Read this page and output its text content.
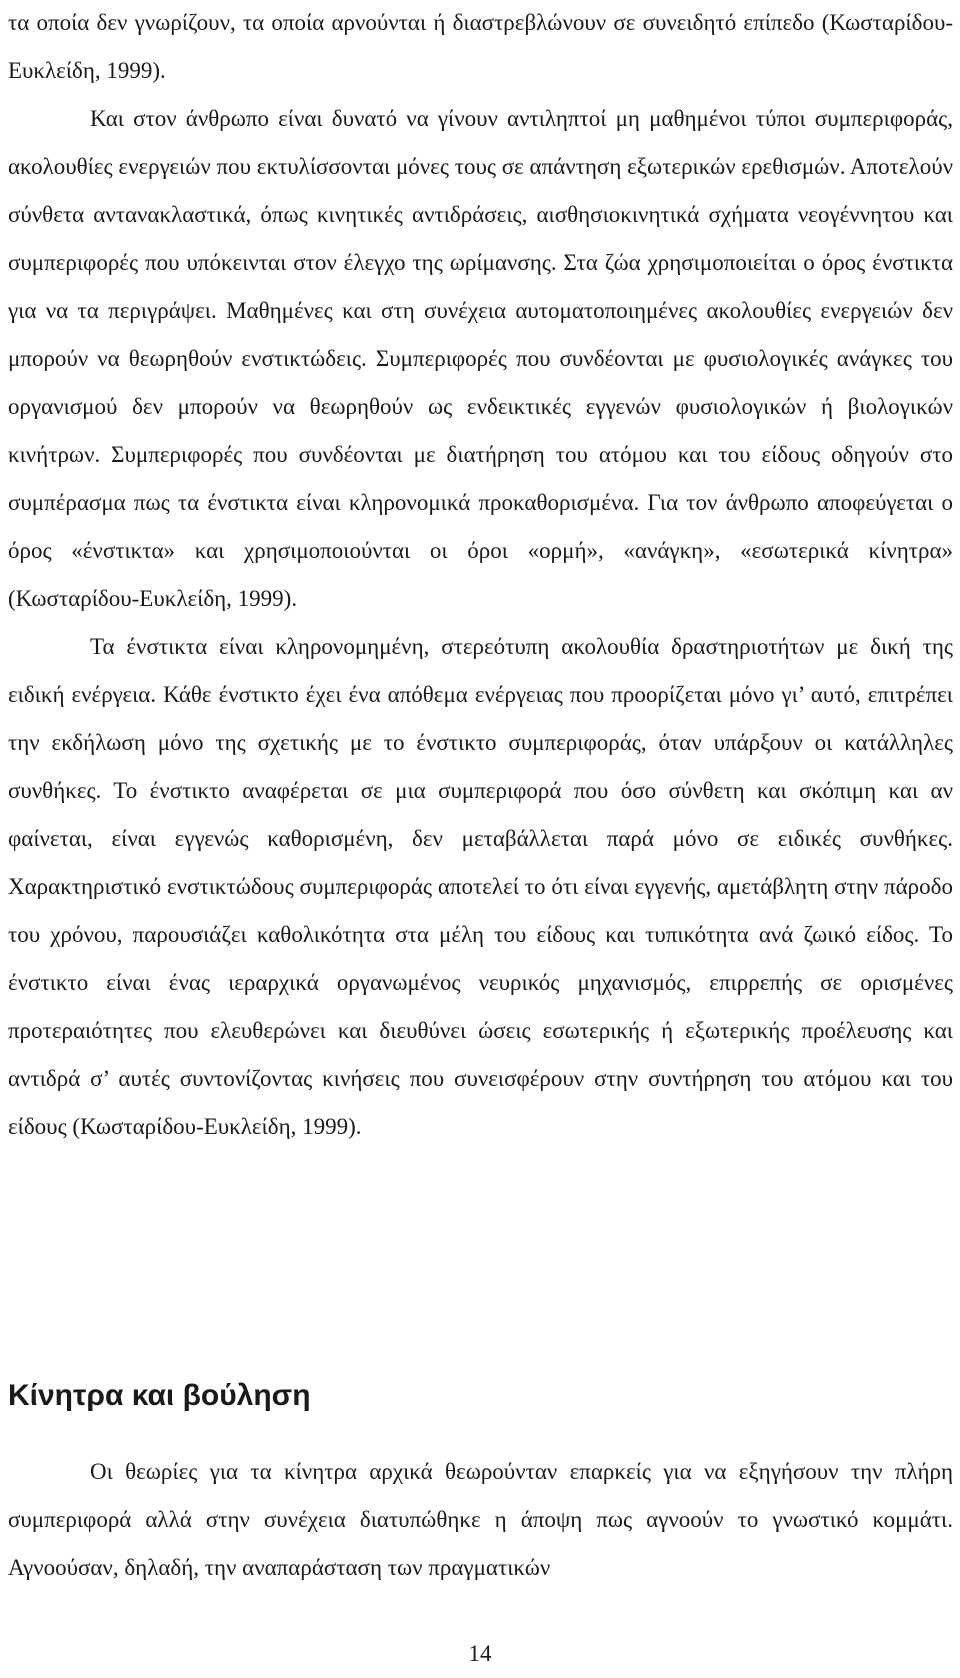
τα οποία δεν γνωρίζουν, τα οποία αρνούνται ή διαστρεβλώνουν σε συνειδητό επίπεδο (Κωσταρίδου-Ευκλείδη, 1999).

Και στον άνθρωπο είναι δυνατό να γίνουν αντιληπτοί μη μαθημένοι τύποι συμπεριφοράς, ακολουθίες ενεργειών που εκτυλίσσονται μόνες τους σε απάντηση εξωτερικών ερεθισμών. Αποτελούν σύνθετα αντανακλαστικά, όπως κινητικές αντιδράσεις, αισθησιοκινητικά σχήματα νεογέννητου και συμπεριφορές που υπόκεινται στον έλεγχο της ωρίμανσης. Στα ζώα χρησιμοποιείται ο όρος ένστικτα για να τα περιγράψει. Μαθημένες και στη συνέχεια αυτοματοποιημένες ακολουθίες ενεργειών δεν μπορούν να θεωρηθούν ενστικτώδεις. Συμπεριφορές που συνδέονται με φυσιολογικές ανάγκες του οργανισμού δεν μπορούν να θεωρηθούν ως ενδεικτικές εγγενών φυσιολογικών ή βιολογικών κινήτρων. Συμπεριφορές που συνδέονται με διατήρηση του ατόμου και του είδους οδηγούν στο συμπέρασμα πως τα ένστικτα είναι κληρονομικά προκαθορισμένα. Για τον άνθρωπο αποφεύγεται ο όρος «ένστικτα» και χρησιμοποιούνται οι όροι «ορμή», «ανάγκη», «εσωτερικά κίνητρα» (Κωσταρίδου-Ευκλείδη, 1999).

Τα ένστικτα είναι κληρονομημένη, στερεότυπη ακολουθία δραστηριοτήτων με δική της ειδική ενέργεια. Κάθε ένστικτο έχει ένα απόθεμα ενέργειας που προορίζεται μόνο γι’ αυτό, επιτρέπει την εκδήλωση μόνο της σχετικής με το ένστικτο συμπεριφοράς, όταν υπάρξουν οι κατάλληλες συνθήκες. Το ένστικτο αναφέρεται σε μια συμπεριφορά που όσο σύνθετη και σκόπιμη και αν φαίνεται, είναι εγγενώς καθορισμένη, δεν μεταβάλλεται παρά μόνο σε ειδικές συνθήκες. Χαρακτηριστικό ενστικτώδους συμπεριφοράς αποτελεί το ότι είναι εγγενής, αμετάβλητη στην πάροδο του χρόνου, παρουσιάζει καθολικότητα στα μέλη του είδους και τυπικότητα ανά ζωικό είδος. Το ένστικτο είναι ένας ιεραρχικά οργανωμένος νευρικός μηχανισμός, επιρρεπής σε ορισμένες προτεραιότητες που ελευθερώνει και διευθύνει ώσεις εσωτερικής ή εξωτερικής προέλευσης και αντιδρά σ’ αυτές συντονίζοντας κινήσεις που συνεισφέρουν στην συντήρηση του ατόμου και του είδους (Κωσταρίδου-Ευκλείδη, 1999).

Κίνητρα και βούληση

Οι θεωρίες για τα κίνητρα αρχικά θεωρούνταν επαρκείς για να εξηγήσουν την πλήρη συμπεριφορά αλλά στην συνέχεια διατυπώθηκε η άποψη πως αγνοούν το γνωστικό κομμάτι. Αγνοούσαν, δηλαδή, την αναπαράσταση των πραγματικών

14
